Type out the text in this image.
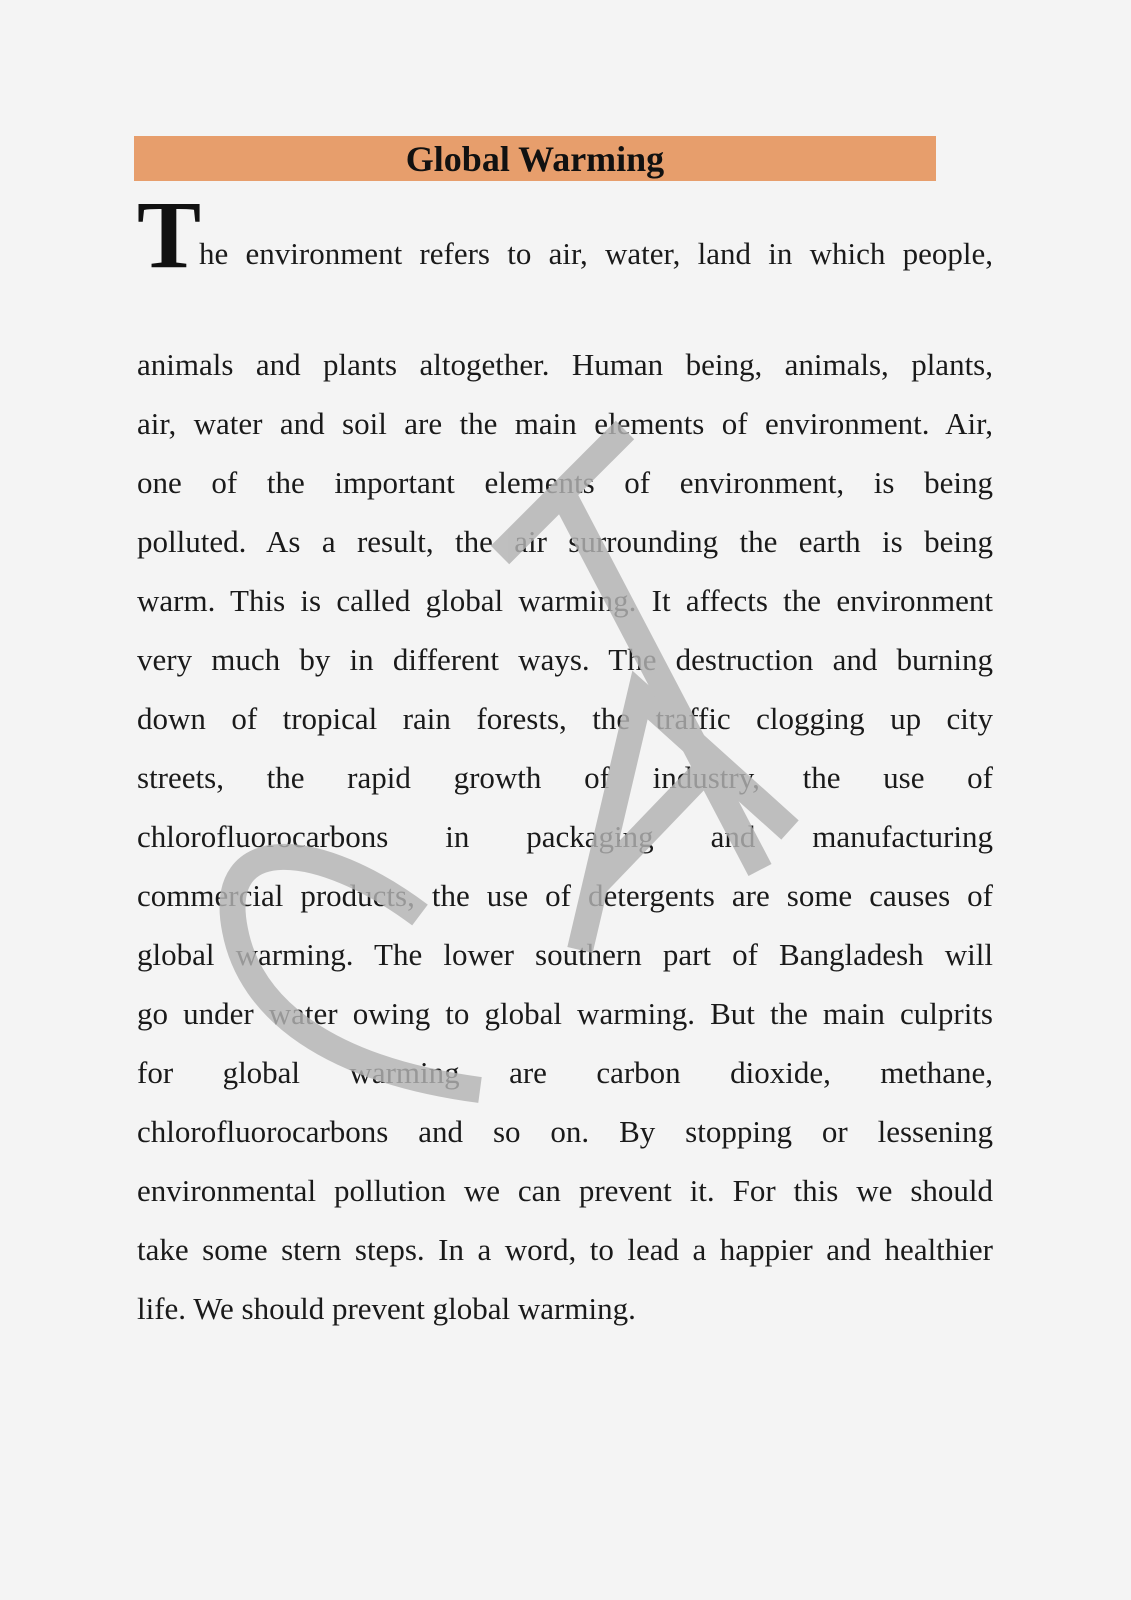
Global Warming
T
he environment refers to air, water, land in which people,
animals and plants altogether. Human being, animals, plants,
air, water and soil are the main elements of environment. Air,
one of the important elements of environment, is being
polluted. As a result, the air surrounding the earth is being
warm. This is called global warming. It affects the environment
very much by in different ways. The destruction and burning
down of tropical rain forests, the traffic clogging up city
streets, the rapid growth of industry, the use of
chlorofluorocarbons in packaging and manufacturing
commercial products, the use of detergents are some causes of
global warming. The lower southern part of Bangladesh will
go under water owing to global warming. But the main culprits
for global warming are carbon dioxide, methane,
chlorofluorocarbons and so on. By stopping or lessening
environmental pollution we can prevent it. For this we should
take some stern steps. In a word, to lead a happier and healthier
life. We should prevent global warming.
